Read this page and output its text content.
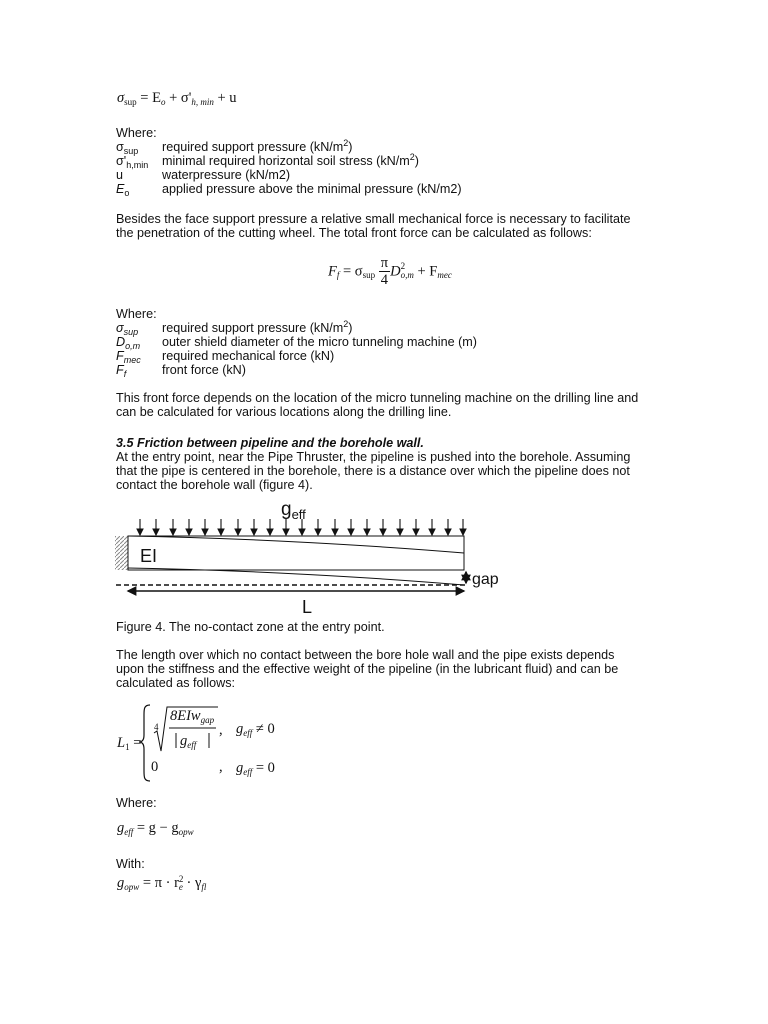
$\sigma_{sup} = E_o + \sigma'_{h, min} + u$
Where:
$\sigma_{sup}$ required support pressure $(kN/m^2)$
$\sigma'_{h,min}$ minimal required horizontal soil stress $(kN/m^2)$
u	waterpressure (kN/m2)
$E_o$	applied pressure above the minimal pressure (kN/m2)
Besides the face support pressure a relative small mechanical force is necessary to facilitate
the penetration of the cutting wheel. The total front force can be calculated as follows:
$F_f = \sigma_{sup} \frac{\pi}{4}$ D 2
$_{o,m} + F_{mec}$
Where:
$\sigma_{sup}$ required support pressure $(kN/m^2)$
$D_{o,m}$ outer shield diameter of the micro tunneling machine (m)
$F_{mec}$ required mechanical force (kN)
$F_f$	front force (kN)
This front force depends on the location of the micro tunneling machine on the drilling line and
can be calculated for various locations along the drilling line.
3.5 Friction between pipeline and the borehole wall.
At the entry point, near the Pipe Thruster, the pipeline is pushed into the borehole. Assuming
that the pipe is centered in the borehole, there is a distance over which the pipeline does not
contact the borehole wall (figure 4).
$g_{eff}$
EI
gap
L
Figure 4. The no-contact zone at the entry point.
The length over which no contact between the bore hole wall and the pipe exists depends
upon the stiffness and the effective weight of the pipeline (in the lubricant fluid) and can be
calculated as follows:
$L_1$ =
4
8EIw$_{gap}$
$g_{eff}$
, $g_{eff} \ne 0$
0	, $g_{eff} = 0$
Where:
$g_{eff} = g - g_{opw}$
With:
$g_{opw} = \pi \cdot r$ 2
$_e \cdot \gamma_{fl}$
